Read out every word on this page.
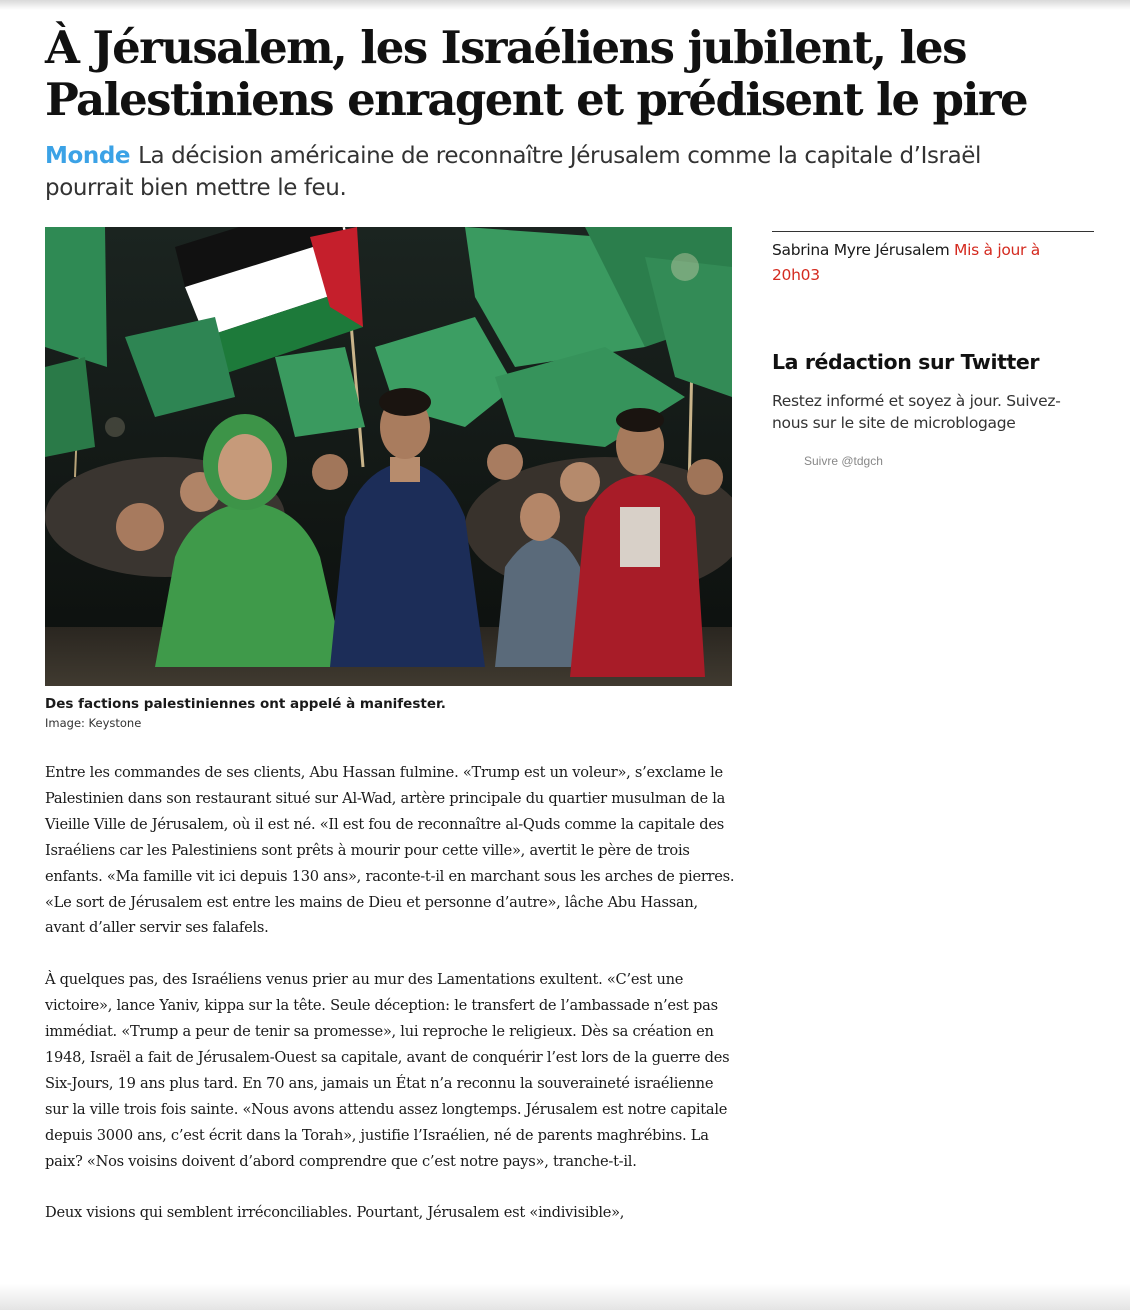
À Jérusalem, les Israéliens jubilent, les Palestiniens enragent et prédisent le pire

Monde La décision américaine de reconnaître Jérusalem comme la capitale d’Israël pourrait bien mettre le feu.

Des factions palestiniennes ont appelé à manifester.

Image: Keystone

Sabrina Myre Jérusalem Mis à jour à 20h03

La rédaction sur Twitter

Restez informé et soyez à jour. Suivez-nous sur le site de microblogage

Suivre @tdgch

Entre les commandes de ses clients, Abu Hassan fulmine. «Trump est un voleur», s’exclame le Palestinien dans son restaurant situé sur Al-Wad, artère principale du quartier musulman de la Vieille Ville de Jérusalem, où il est né. «Il est fou de reconnaître al-Quds comme la capitale des Israéliens car les Palestiniens sont prêts à mourir pour cette ville», avertit le père de trois enfants. «Ma famille vit ici depuis 130 ans», raconte-t-il en marchant sous les arches de pierres. «Le sort de Jérusalem est entre les mains de Dieu et personne d’autre», lâche Abu Hassan, avant d’aller servir ses falafels.

À quelques pas, des Israéliens venus prier au mur des Lamentations exultent. «C’est une victoire», lance Yaniv, kippa sur la tête. Seule déception: le transfert de l’ambassade n’est pas immédiat. «Trump a peur de tenir sa promesse», lui reproche le religieux. Dès sa création en 1948, Israël a fait de Jérusalem-Ouest sa capitale, avant de conquérir l’est lors de la guerre des Six-Jours, 19 ans plus tard. En 70 ans, jamais un État n’a reconnu la souveraineté israélienne sur la ville trois fois sainte. «Nous avons attendu assez longtemps. Jérusalem est notre capitale depuis 3000 ans, c’est écrit dans la Torah», justifie l’Israélien, né de parents maghrébins. La paix? «Nos voisins doivent d’abord comprendre que c’est notre pays», tranche-t-il.

Deux visions qui semblent irréconciliables. Pourtant, Jérusalem est «indivisible»,
